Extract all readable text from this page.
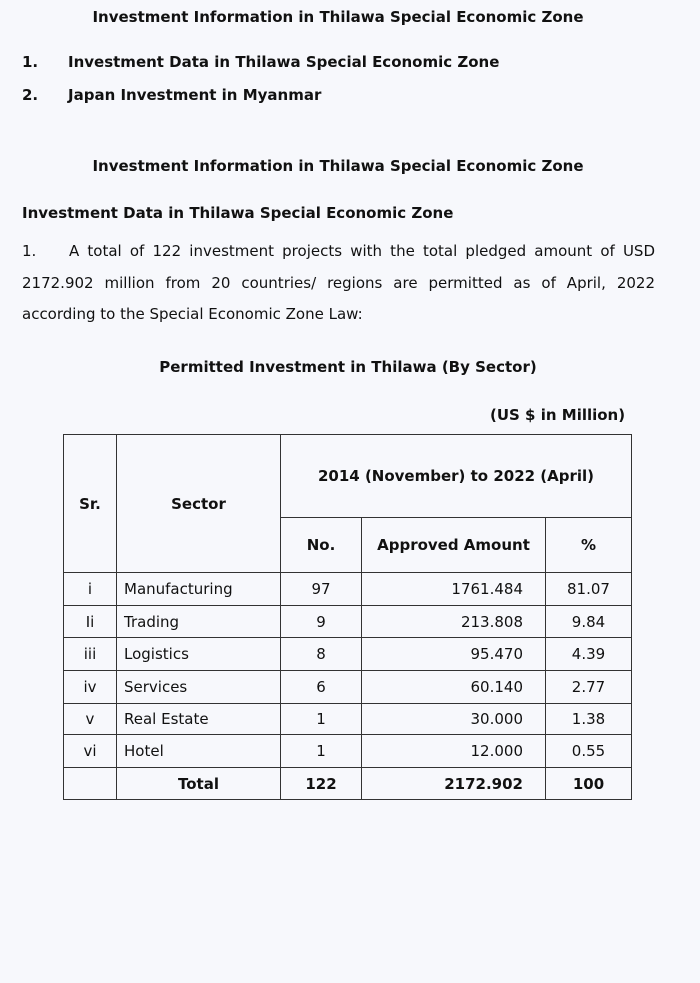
Investment Information in Thilawa Special Economic Zone
1. Investment Data in Thilawa Special Economic Zone
2. Japan Investment in Myanmar
Investment Information in Thilawa Special Economic Zone
Investment Data in Thilawa Special Economic Zone
1. A total of 122 investment projects with the total pledged amount of USD 2172.902 million from 20 countries/ regions are permitted as of April, 2022 according to the Special Economic Zone Law:
Permitted Investment in Thilawa (By Sector)
(US $ in Million)
Sr.	Sector	2014 (November) to 2022 (April)		
		No.	Approved Amount	%
i	Manufacturing	97	1761.484	81.07
Ii	Trading	9	213.808	9.84
iii	Logistics	8	95.470	4.39
iv	Services	6	60.140	2.77
v	Real Estate	1	30.000	1.38
vi	Hotel	1	12.000	0.55
	Total	122	2172.902	100
